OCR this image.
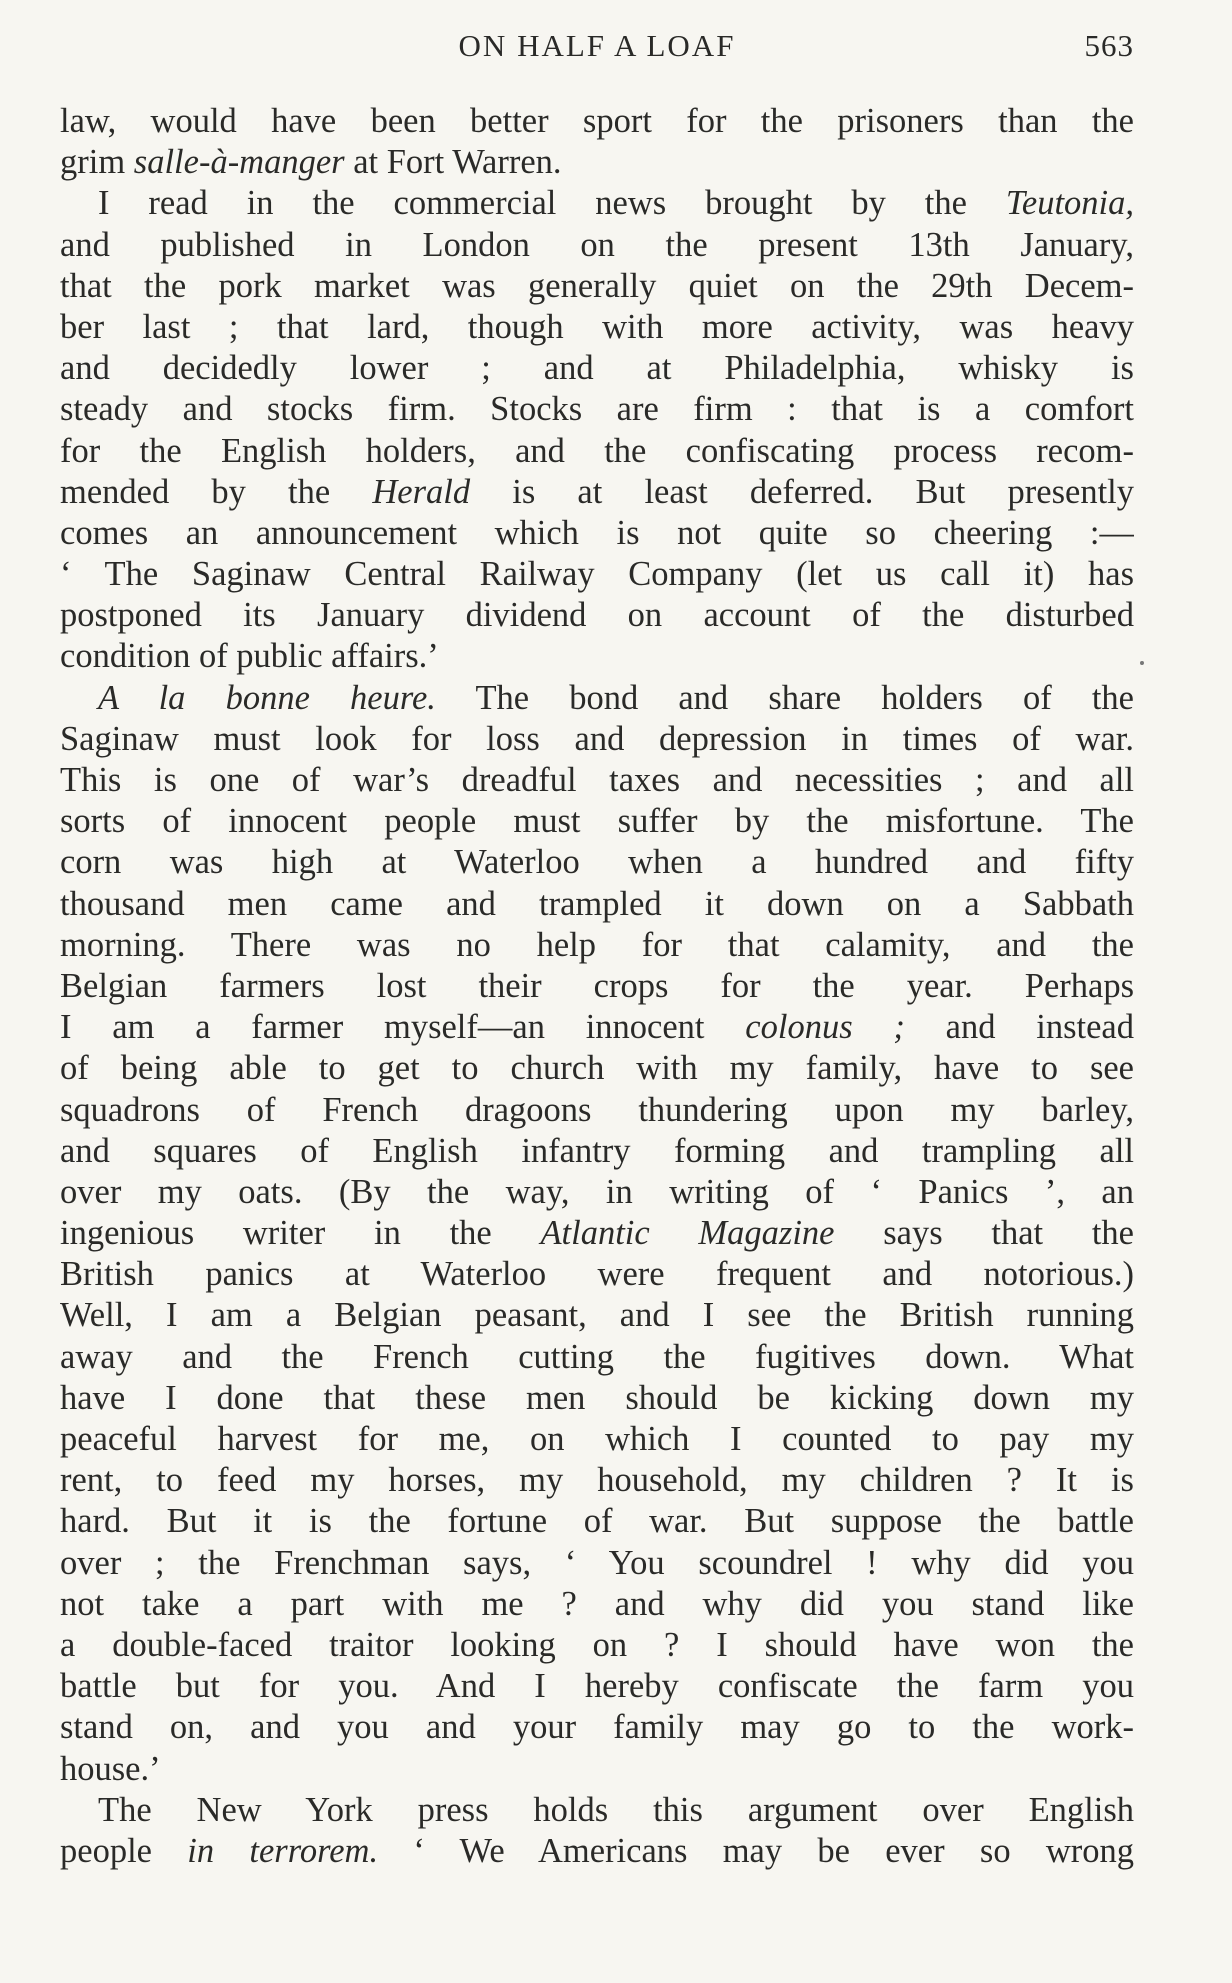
ON HALF A LOAF	563
law, would have been better sport for the prisoners than the
grim salle-à-manger at Fort Warren.
I read in the commercial news brought by the Teutonia,
and published in London on the present 13th January,
that the pork market was generally quiet on the 29th Decem-
ber last ; that lard, though with more activity, was heavy
and decidedly lower ; and at Philadelphia, whisky is
steady and stocks firm. Stocks are firm : that is a comfort
for the English holders, and the confiscating process recom-
mended by the Herald is at least deferred. But presently
comes an announcement which is not quite so cheering :—
‘ The Saginaw Central Railway Company (let us call it) has
postponed its January dividend on account of the disturbed
condition of public affairs.’
A la bonne heure. The bond and share holders of the
Saginaw must look for loss and depression in times of war.
This is one of war’s dreadful taxes and necessities ; and all
sorts of innocent people must suffer by the misfortune. The
corn was high at Waterloo when a hundred and fifty
thousand men came and trampled it down on a Sabbath
morning. There was no help for that calamity, and the
Belgian farmers lost their crops for the year. Perhaps
I am a farmer myself—an innocent colonus ; and instead
of being able to get to church with my family, have to see
squadrons of French dragoons thundering upon my barley,
and squares of English infantry forming and trampling all
over my oats. (By the way, in writing of ‘ Panics ’, an
ingenious writer in the Atlantic Magazine says that the
British panics at Waterloo were frequent and notorious.)
Well, I am a Belgian peasant, and I see the British running
away and the French cutting the fugitives down. What
have I done that these men should be kicking down my
peaceful harvest for me, on which I counted to pay my
rent, to feed my horses, my household, my children ? It is
hard. But it is the fortune of war. But suppose the battle
over ; the Frenchman says, ‘ You scoundrel ! why did you
not take a part with me ? and why did you stand like
a double-faced traitor looking on ? I should have won the
battle but for you. And I hereby confiscate the farm you
stand on, and you and your family may go to the work-
house.’
The New York press holds this argument over English
people in terrorem. ‘ We Americans may be ever so wrong
